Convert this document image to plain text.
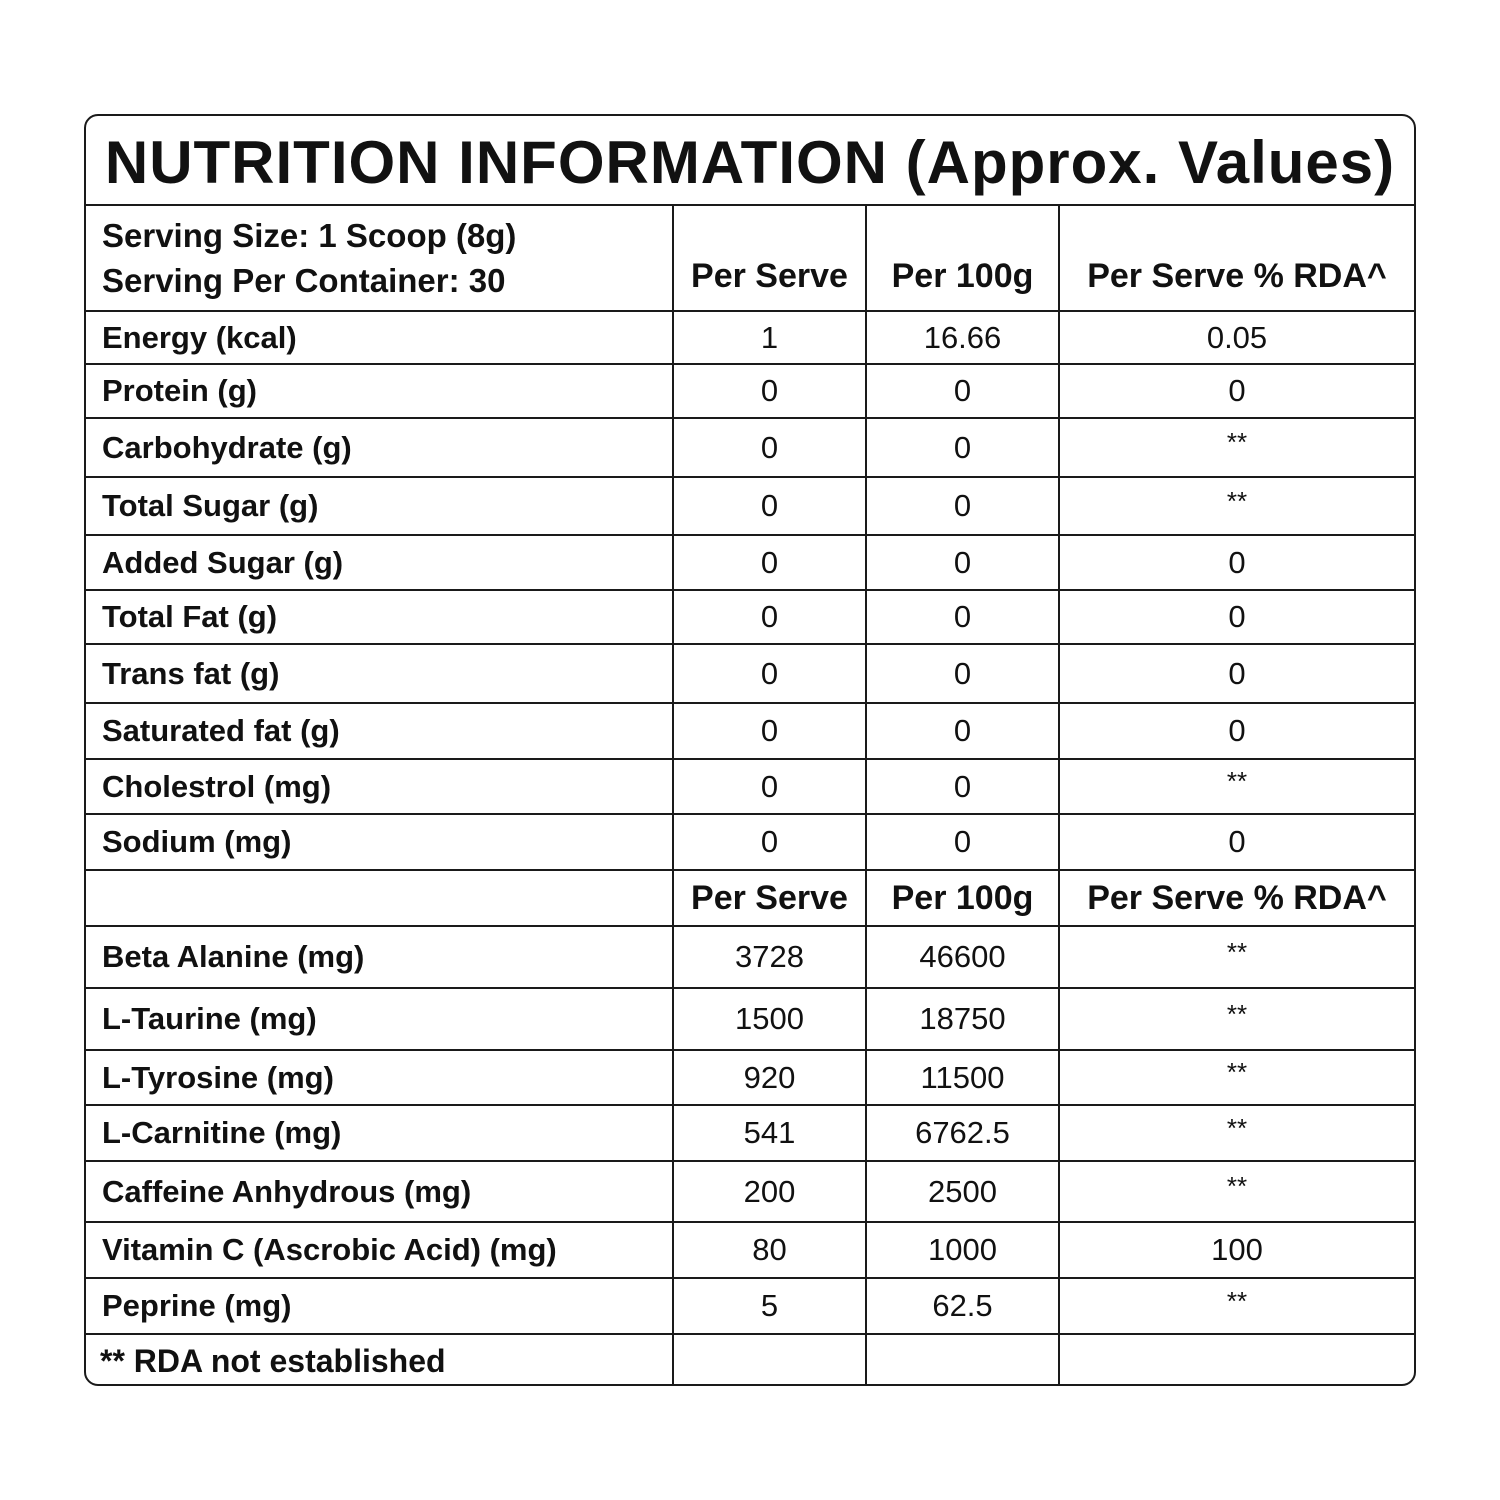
NUTRITION INFORMATION (Approx. Values)
Serving Size: 1 Scoop (8g)
Serving Per Container: 30	Per Serve	Per 100g	Per Serve % RDA^
Energy (kcal)	1	16.66	0.05
Protein (g)	0	0	0
Carbohydrate (g)	0	0	**
Total Sugar (g)	0	0	**
Added Sugar (g)	0	0	0
Total Fat (g)	0	0	0
Trans fat (g)	0	0	0
Saturated fat (g)	0	0	0
Cholestrol (mg)	0	0	**
Sodium (mg)	0	0	0
Per Serve	Per 100g	Per Serve % RDA^
Beta Alanine (mg)	3728	46600	**
L-Taurine (mg)	1500	18750	**
L-Tyrosine (mg)	920	11500	**
L-Carnitine (mg)	541	6762.5	**
Caffeine Anhydrous (mg)	200	2500	**
Vitamin C (Ascrobic Acid) (mg)	80	1000	100
Peprine (mg)	5	62.5	**
** RDA not established
